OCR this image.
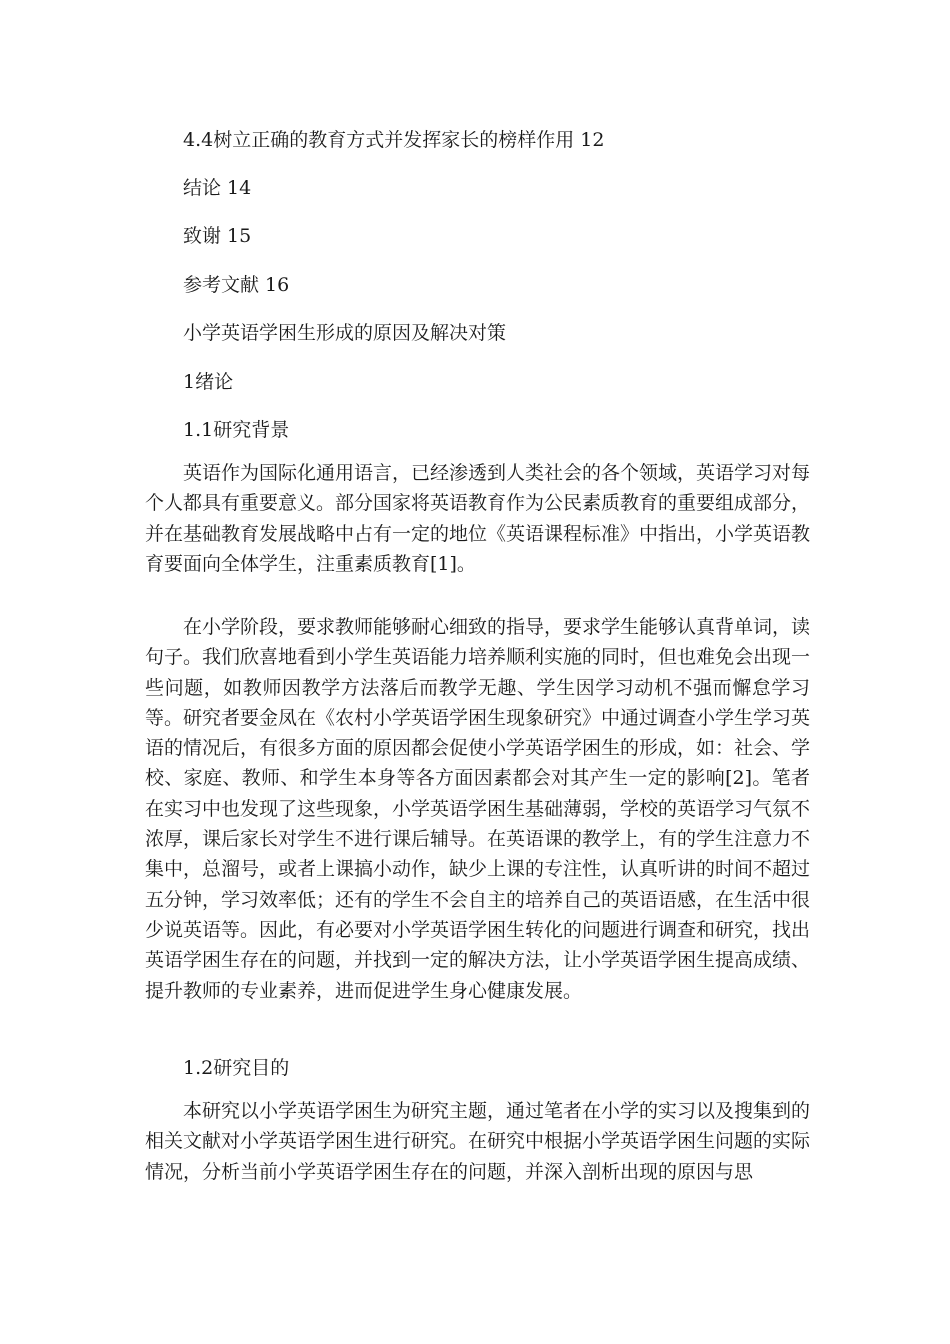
4.4树立正确的教育方式并发挥家长的榜样作用 12
结论 14
致谢 15
参考文献 16
小学英语学困生形成的原因及解决对策
1绪论
1.1研究背景

英语作为国际化通用语言，已经渗透到人类社会的各个领域，英语学习对每个人都具有重要意义。部分国家将英语教育作为公民素质教育的重要组成部分，并在基础教育发展战略中占有一定的地位《英语课程标准》中指出，小学英语教育要面向全体学生，注重素质教育[1]。

在小学阶段，要求教师能够耐心细致的指导，要求学生能够认真背单词，读句子。我们欣喜地看到小学生英语能力培养顺利实施的同时，但也难免会出现一些问题，如教师因教学方法落后而教学无趣、学生因学习动机不强而懈怠学习等。研究者要金凤在《农村小学英语学困生现象研究》中通过调查小学生学习英语的情况后，有很多方面的原因都会促使小学英语学困生的形成，如：社会、学校、家庭、教师、和学生本身等各方面因素都会对其产生一定的影响[2]。笔者在实习中也发现了这些现象，小学英语学困生基础薄弱，学校的英语学习气氛不浓厚，课后家长对学生不进行课后辅导。在英语课的教学上，有的学生注意力不集中，总溜号，或者上课搞小动作，缺少上课的专注性，认真听讲的时间不超过五分钟，学习效率低；还有的学生不会自主的培养自己的英语语感，在生活中很少说英语等。因此，有必要对小学英语学困生转化的问题进行调查和研究，找出英语学困生存在的问题，并找到一定的解决方法，让小学英语学困生提高成绩、提升教师的专业素养，进而促进学生身心健康发展。

1.2研究目的

本研究以小学英语学困生为研究主题，通过笔者在小学的实习以及搜集到的相关文献对小学英语学困生进行研究。在研究中根据小学英语学困生问题的实际情况，分析当前小学英语学困生存在的问题，并深入剖析出现的原因与思
